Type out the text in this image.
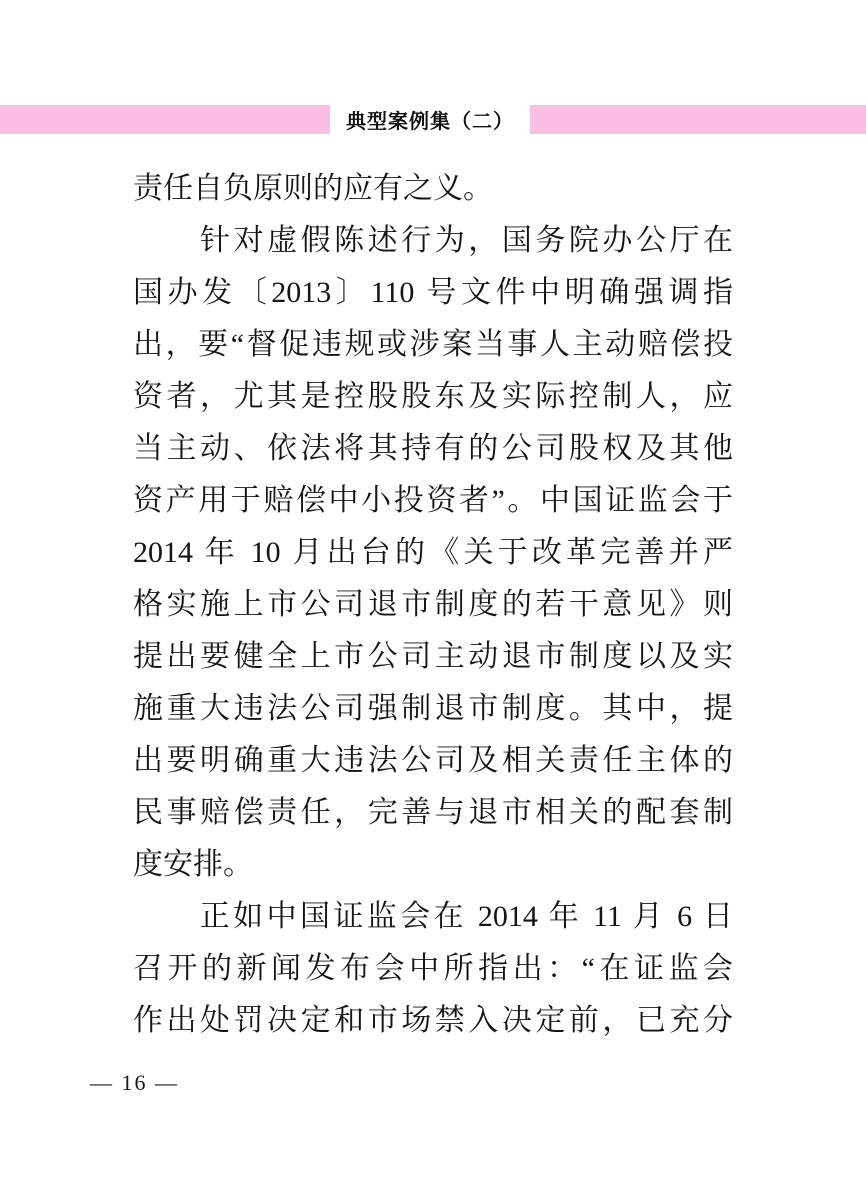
典型案例集（二）
责任自负原则的应有之义。
　　针对虚假陈述行为，国务院办公厅在
国办发〔2013〕110 号文件中明确强调指
出，要“督促违规或涉案当事人主动赔偿投
资者，尤其是控股股东及实际控制人，应
当主动、依法将其持有的公司股权及其他
资产用于赔偿中小投资者”。中国证监会于
2014 年 10 月出台的《关于改革完善并严
格实施上市公司退市制度的若干意见》则
提出要健全上市公司主动退市制度以及实
施重大违法公司强制退市制度。其中，提
出要明确重大违法公司及相关责任主体的
民事赔偿责任，完善与退市相关的配套制
度安排。
　　正如中国证监会在 2014 年 11 月 6 日
召开的新闻发布会中所指出：“在证监会
作出处罚决定和市场禁入决定前，已充分
— 16 —
